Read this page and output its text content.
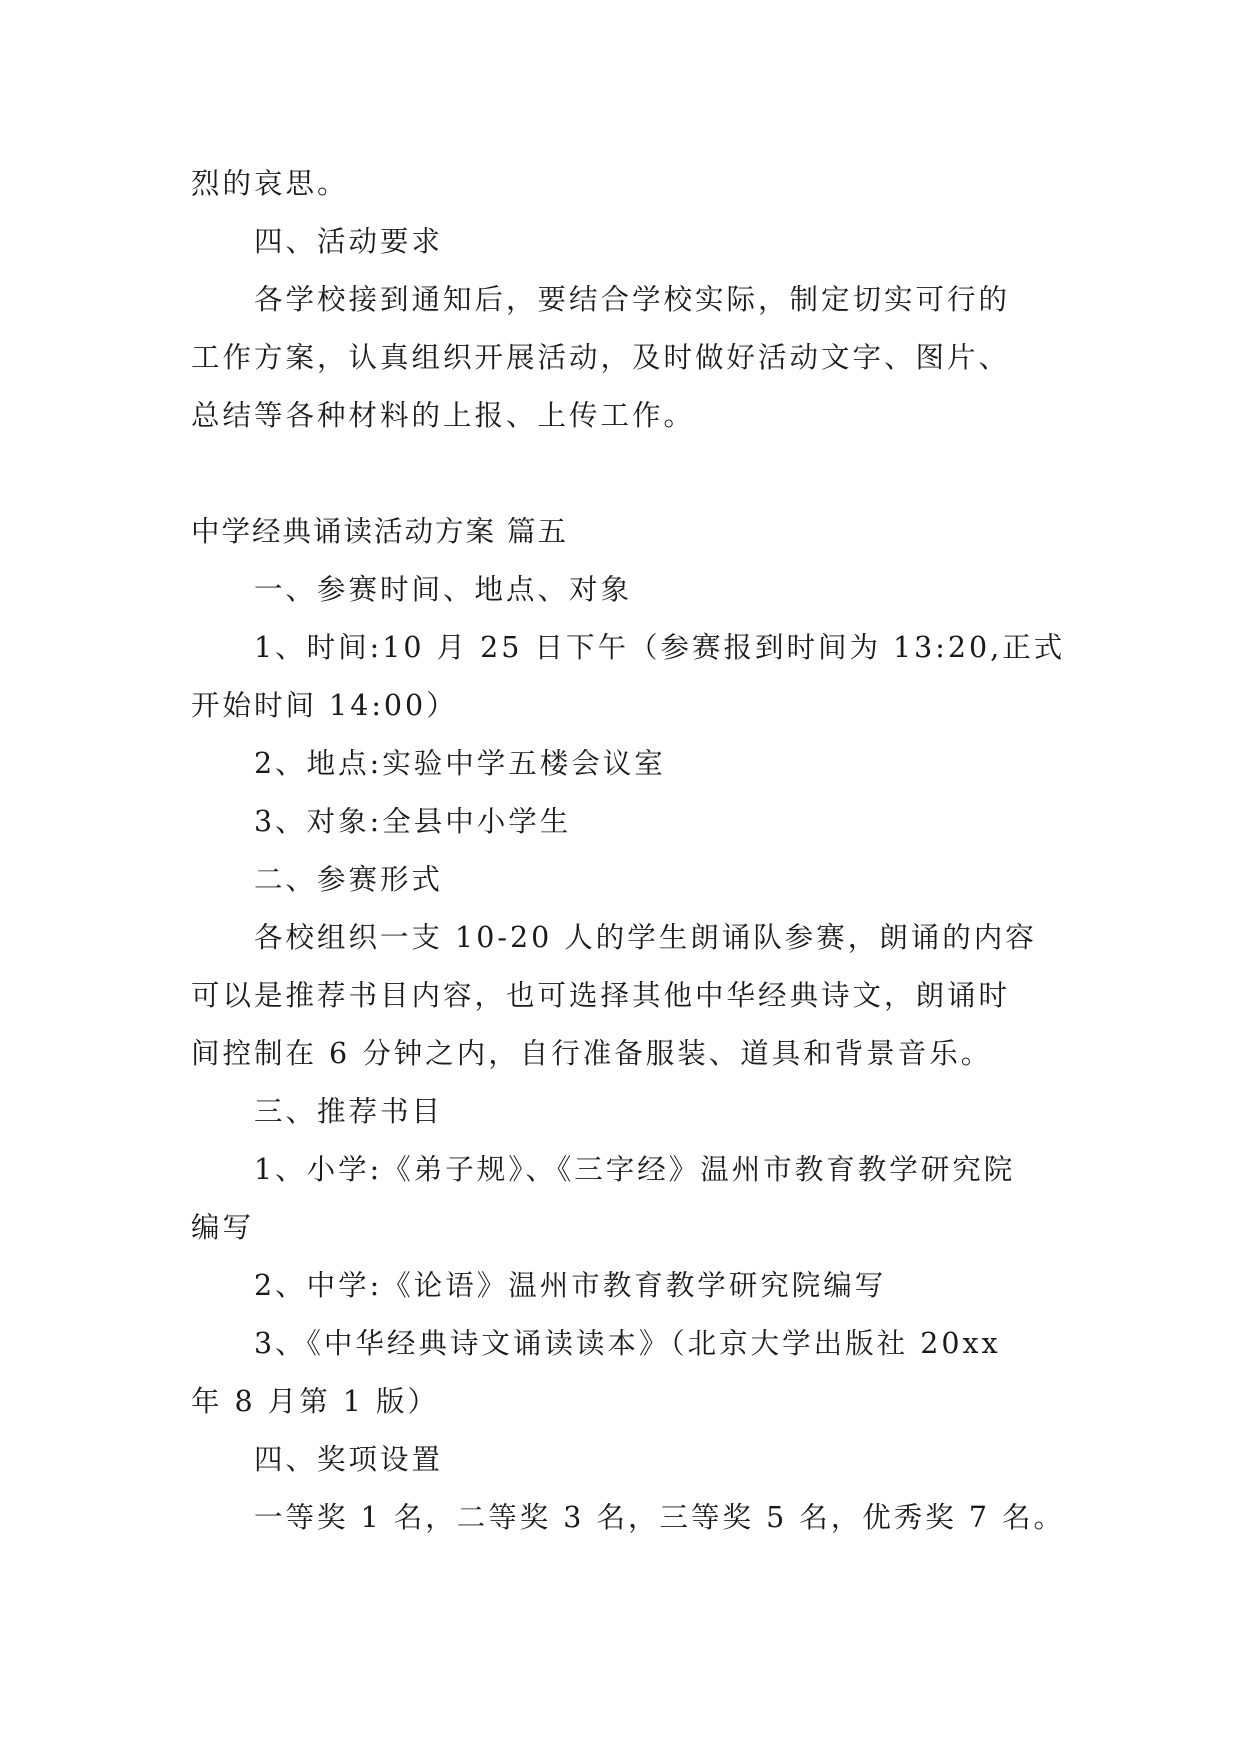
烈的哀思。
四、活动要求
各学校接到通知后，要结合学校实际，制定切实可行的
工作方案，认真组织开展活动，及时做好活动文字、图片、
总结等各种材料的上报、上传工作。
中学经典诵读活动方案 篇五
一、参赛时间、地点、对象
1、时间:10 月 25 日下午（参赛报到时间为 13:20,正式
开始时间 14:00）
2、地点:实验中学五楼会议室
3、对象:全县中小学生
二、参赛形式
各校组织一支 10-20 人的学生朗诵队参赛，朗诵的内容
可以是推荐书目内容，也可选择其他中华经典诗文，朗诵时
间控制在 6 分钟之内，自行准备服装、道具和背景音乐。
三、推荐书目
1、小学:《弟子规》、《三字经》温州市教育教学研究院
编写
2、中学:《论语》温州市教育教学研究院编写
3、《中华经典诗文诵读读本》（北京大学出版社 20xx
年 8 月第 1 版）
四、奖项设置
一等奖 1 名，二等奖 3 名，三等奖 5 名，优秀奖 7 名。
